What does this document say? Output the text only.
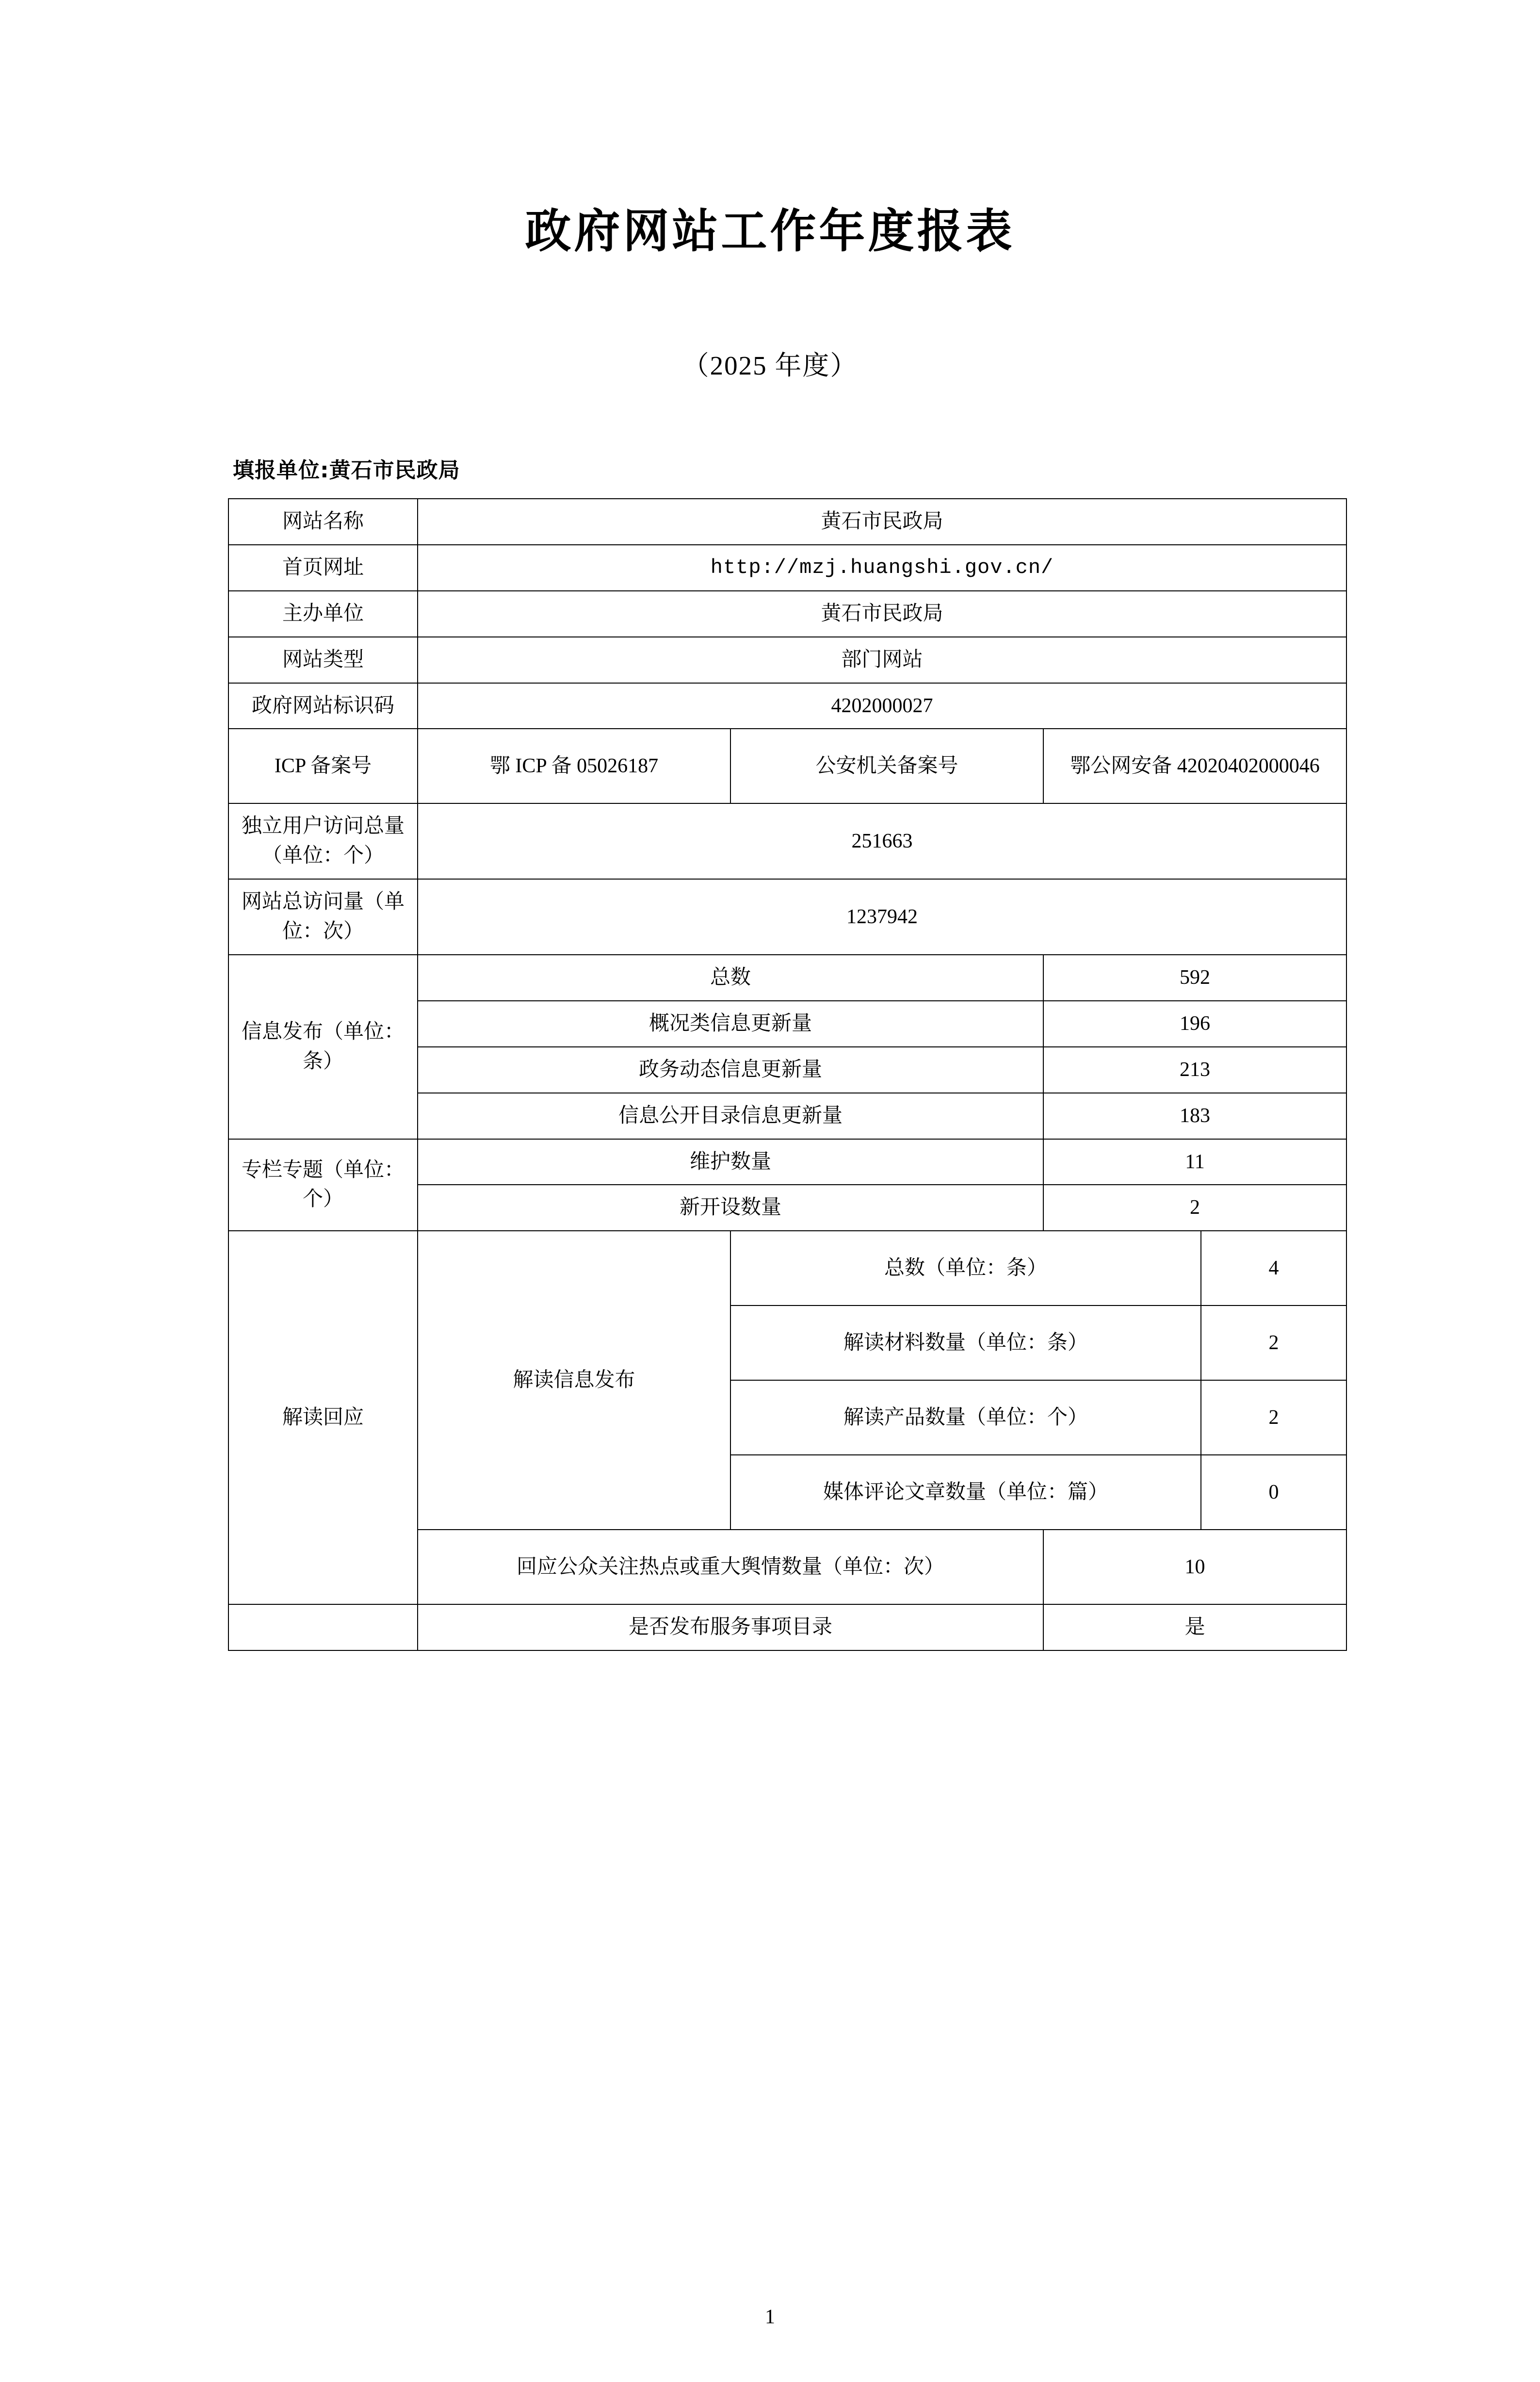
政府网站工作年度报表
（2025 年度）
填报单位:黄石市民政局
网站名称	黄石市民政局			
首页网址	http://mzj.huangshi.gov.cn/			
主办单位	黄石市民政局			
网站类型	部门网站			
政府网站标识码	4202000027			
ICP 备案号	鄂 ICP 备 05026187	公安机关备案号	鄂公网安备 42020402000046	
独立用户访问总量（单位：个）	251663			
网站总访问量（单位：次）	1237942			
信息发布（单位：条）	总数		592	
	概况类信息更新量		196	
	政务动态信息更新量		213	
	信息公开目录信息更新量		183	
专栏专题（单位：个）	维护数量		11	
	新开设数量		2	
解读回应	解读信息发布	总数（单位：条）		4
		解读材料数量（单位：条）		2
		解读产品数量（单位：个）		2
		媒体评论文章数量（单位：篇）		0
	回应公众关注热点或重大舆情数量（单位：次）		10	
	是否发布服务事项目录		是	
1
